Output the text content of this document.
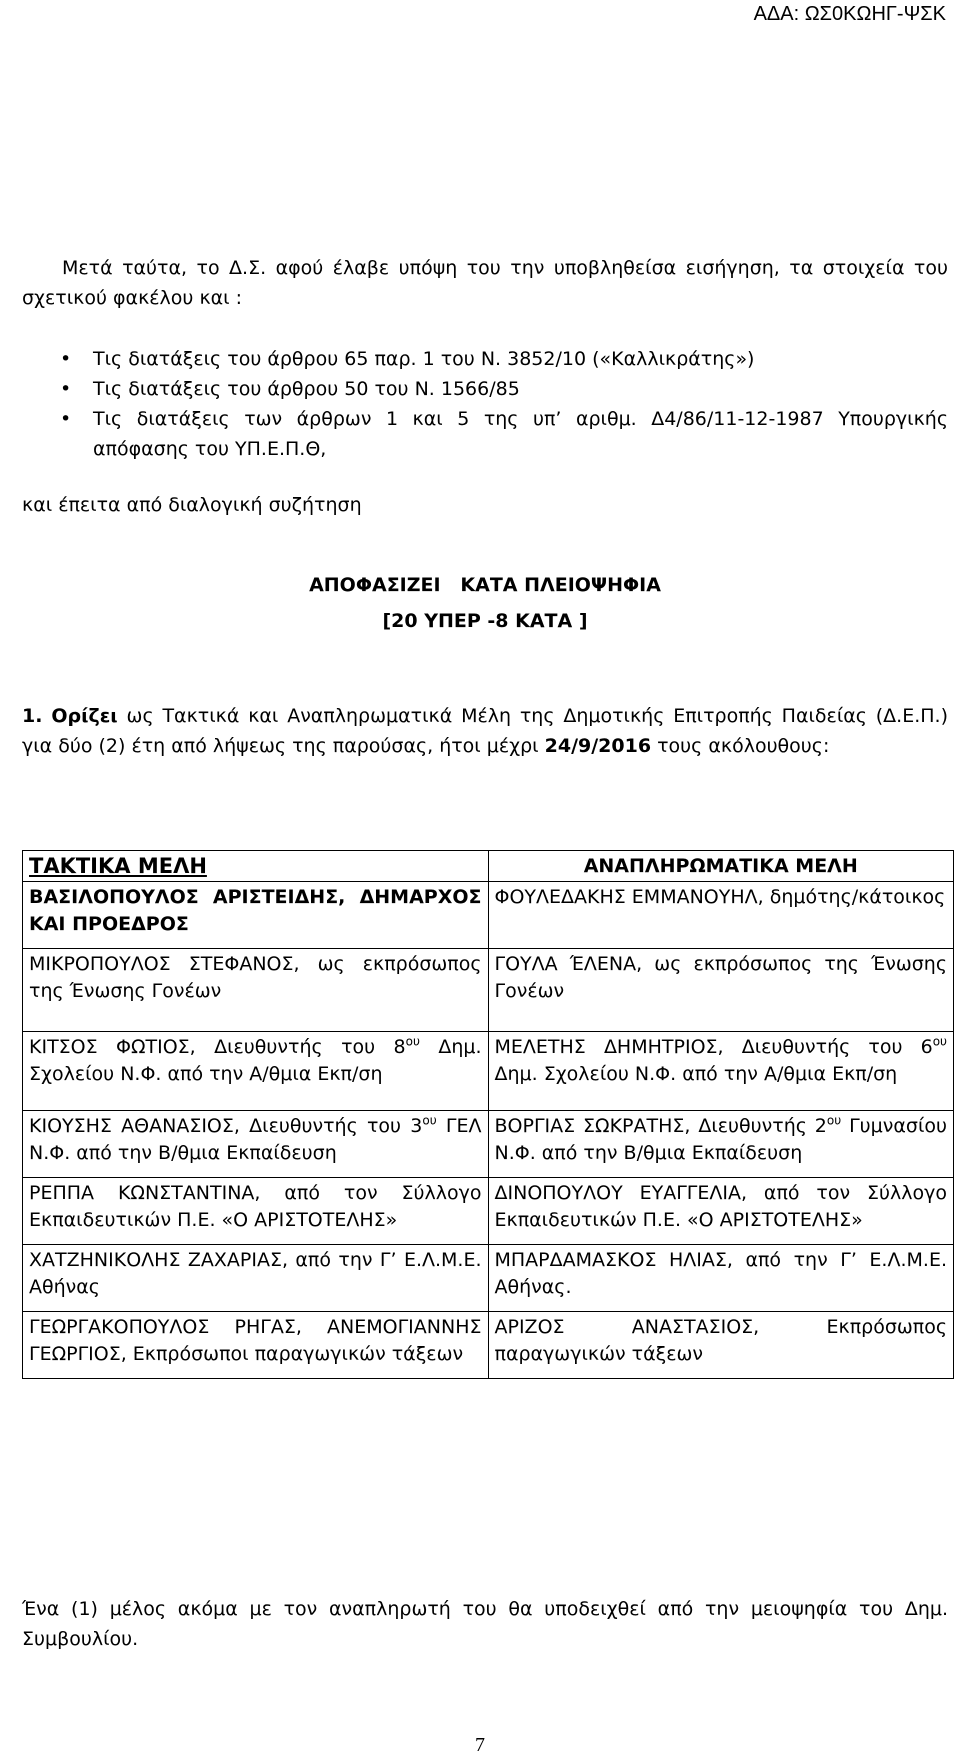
ΑΔΑ: ΩΣ0ΚΩΗΓ-ΨΣΚ
Μετά ταύτα, το Δ.Σ. αφού έλαβε υπόψη του την υποβληθείσα εισήγηση, τα στοιχεία του σχετικού φακέλου και :
• Τις διατάξεις του άρθρου 65 παρ. 1 του Ν. 3852/10 («Καλλικράτης»)
• Τις διατάξεις του άρθρου 50 του Ν. 1566/85
• Τις διατάξεις των άρθρων 1 και 5 της υπ’ αριθμ. Δ4/86/11-12-1987 Υπουργικής απόφασης του ΥΠ.Ε.Π.Θ,
και έπειτα από διαλογική συζήτηση
ΑΠΟΦΑΣΙΖΕΙ   ΚΑΤΑ ΠΛΕΙΟΨΗΦΙΑ
[20 ΥΠΕΡ -8 ΚΑΤΑ ]
1. Ορίζει ως Τακτικά και Αναπληρωματικά Μέλη της Δημοτικής Επιτροπής Παιδείας (Δ.Ε.Π.) για δύο (2) έτη από λήψεως της παρούσας, ήτοι μέχρι 24/9/2016 τους ακόλουθους:
ΤΑΚΤΙΚΑ ΜΕΛΗ	ΑΝΑΠΛΗΡΩΜΑΤΙΚΑ ΜΕΛΗ

ΒΑΣΙΛΟΠΟΥΛΟΣ ΑΡΙΣΤΕΙΔΗΣ, ΔΗΜΑΡΧΟΣ ΚΑΙ ΠΡΟΕΔΡΟΣ	ΦΟΥΛΕΔΑΚΗΣ ΕΜΜΑΝΟΥΗΛ, δημότης/κάτοικος

ΜΙΚΡΟΠΟΥΛΟΣ ΣΤΕΦΑΝΟΣ, ως εκπρόσωπος της Ένωσης Γονέων	ΓΟΥΛΑ ΈΛΕΝΑ, ως εκπρόσωπος της Ένωσης Γονέων

ΚΙΤΣΟΣ ΦΩΤΙΟΣ, Διευθυντής του $8^{o\upsilon}$ Δημ. Σχολείου Ν.Φ. από την Α/θμια Εκπ/ση	ΜΕΛΕΤΗΣ ΔΗΜΗΤΡΙΟΣ, Διευθυντής του $6^{o\upsilon}$ Δημ. Σχολείου Ν.Φ. από την Α/θμια Εκπ/ση

ΚΙΟΥΣΗΣ ΑΘΑΝΑΣΙΟΣ, Διευθυντής του $3^{o\upsilon}$ ΓΕΛ Ν.Φ. από την Β/θμια Εκπαίδευση	ΒΟΡΓΙΑΣ ΣΩΚΡΑΤΗΣ, Διευθυντής $2^{o\upsilon}$ Γυμνασίου Ν.Φ. από την Β/θμια Εκπαίδευση

ΡΕΠΠΑ ΚΩΝΣΤΑΝΤΙΝΑ, από τον Σύλλογο Εκπαιδευτικών Π.Ε. «Ο ΑΡΙΣΤΟΤΕΛΗΣ»	ΔΙΝΟΠΟΥΛΟΥ ΕΥΑΓΓΕΛΙΑ, από τον Σύλλογο Εκπαιδευτικών Π.Ε. «Ο ΑΡΙΣΤΟΤΕΛΗΣ»

ΧΑΤΖΗΝΙΚΟΛΗΣ ΖΑΧΑΡΙΑΣ, από την Γ’ Ε.Λ.Μ.Ε. Αθήνας	ΜΠΑΡΔΑΜΑΣΚΟΣ ΗΛΙΑΣ, από την Γ’ Ε.Λ.Μ.Ε. Αθήνας.

ΓΕΩΡΓΑΚΟΠΟΥΛΟΣ ΡΗΓΑΣ, ΑΝΕΜΟΓΙΑΝΝΗΣ ΓΕΩΡΓΙΟΣ, Εκπρόσωποι παραγωγικών τάξεων	ΑΡΙΖΟΣ ΑΝΑΣΤΑΣΙΟΣ, Εκπρόσωπος παραγωγικών τάξεων
Ένα (1) μέλος ακόμα με τον αναπληρωτή του θα υποδειχθεί από την μειοψηφία του Δημ. Συμβουλίου.
7
